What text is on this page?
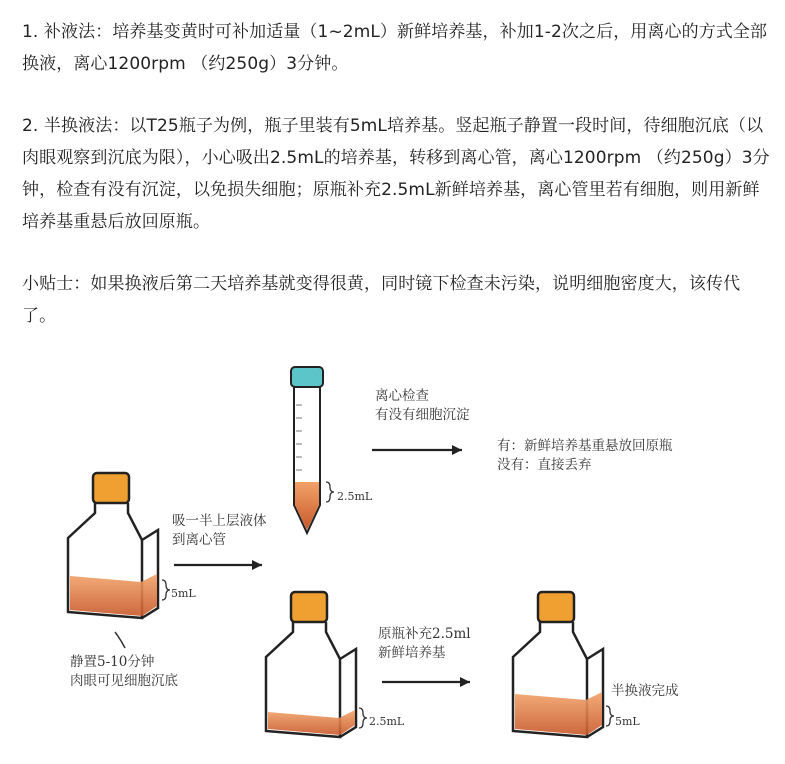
1. 补液法：培养基变黄时可补加适量（1~2mL）新鲜培养基，补加1-2次之后，用离心的方式全部换液，离心1200rpm （约250g）3分钟。

2. 半换液法：以T25瓶子为例，瓶子里装有5mL培养基。竖起瓶子静置一段时间，待细胞沉底（以肉眼观察到沉底为限），小心吸出2.5mL的培养基，转移到离心管，离心1200rpm （约250g）3分钟，检查有没有沉淀，以免损失细胞；原瓶补充2.5mL新鲜培养基，离心管里若有细胞，则用新鲜培养基重悬后放回原瓶。

小贴士：如果换液后第二天培养基就变得很黄，同时镜下检查未污染，说明细胞密度大，该传代了。

吸一半上层液体
到离心管
静置5-10分钟
肉眼可见细胞沉底
离心检查
有没有细胞沉淀
有：新鲜培养基重悬放回原瓶
没有：直接丢弃
原瓶补充2.5ml
新鲜培养基
半换液完成
5mL
2.5mL
2.5mL	5mL
